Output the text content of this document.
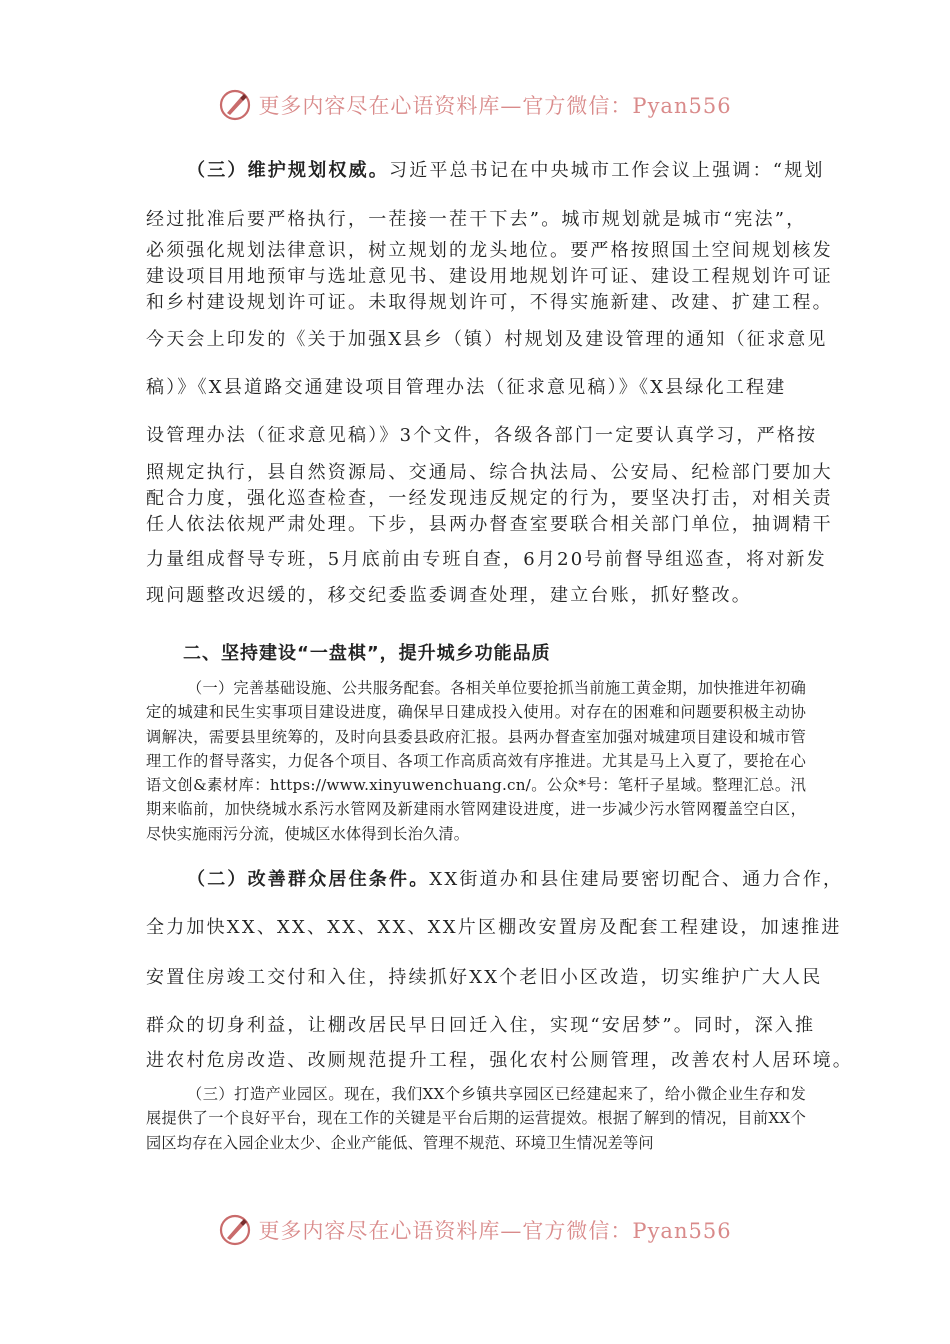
更多内容尽在心语资料库—官方微信：Pyan556
（三）维护规划权威。习近平总书记在中央城市工作会议上强调：“规划
经过批准后要严格执行，一茬接一茬干下去”。城市规划就是城市“宪法”，
必须强化规划法律意识，树立规划的龙头地位。要严格按照国土空间规划核发
建设项目用地预审与选址意见书、建设用地规划许可证、建设工程规划许可证
和乡村建设规划许可证。未取得规划许可，不得实施新建、改建、扩建工程。
今天会上印发的《关于加强X县乡（镇）村规划及建设管理的通知（征求意见
稿）》《X县道路交通建设项目管理办法（征求意见稿）》《X县绿化工程建
设管理办法（征求意见稿）》3个文件，各级各部门一定要认真学习，严格按
照规定执行，县自然资源局、交通局、综合执法局、公安局、纪检部门要加大
配合力度，强化巡查检查，一经发现违反规定的行为，要坚决打击，对相关责
任人依法依规严肃处理。下步，县两办督查室要联合相关部门单位，抽调精干
力量组成督导专班，5月底前由专班自查，6月20号前督导组巡查，将对新发
现问题整改迟缓的，移交纪委监委调查处理，建立台账，抓好整改。

二、坚持建设“一盘棋”，提升城乡功能品质

（一）完善基础设施、公共服务配套。各相关单位要抢抓当前施工黄金期，加快推进年初确定的城建和民生实事项目建设进度，确保早日建成投入使用。对存在的困难和问题要积极主动协调解决，需要县里统筹的，及时向县委县政府汇报。县两办督查室加强对城建项目建设和城市管理工作的督导落实，力促各个项目、各项工作高质高效有序推进。尤其是马上入夏了，要抢在心语文创&素材库：https://www.xinyuwenchuang.cn/。公众*号：笔杆子星域。整理汇总。汛期来临前，加快绕城水系污水管网及新建雨水管网建设进度，进一步减少污水管网覆盖空白区，尽快实施雨污分流，使城区水体得到长治久清。

（二）改善群众居住条件。XX街道办和县住建局要密切配合、通力合作，
全力加快XX、XX、XX、XX、XX片区棚改安置房及配套工程建设，加速推进
安置住房竣工交付和入住，持续抓好XX个老旧小区改造，切实维护广大人民
群众的切身利益，让棚改居民早日回迁入住，实现“安居梦”。同时，深入推
进农村危房改造、改厕规范提升工程，强化农村公厕管理，改善农村人居环境。

（三）打造产业园区。现在，我们XX个乡镇共享园区已经建起来了，给小微企业生存和发展提供了一个良好平台，现在工作的关键是平台后期的运营提效。根据了解到的情况，目前XX个园区均存在入园企业太少、企业产能低、管理不规范、环境卫生情况差等问

更多内容尽在心语资料库—官方微信：Pyan556
